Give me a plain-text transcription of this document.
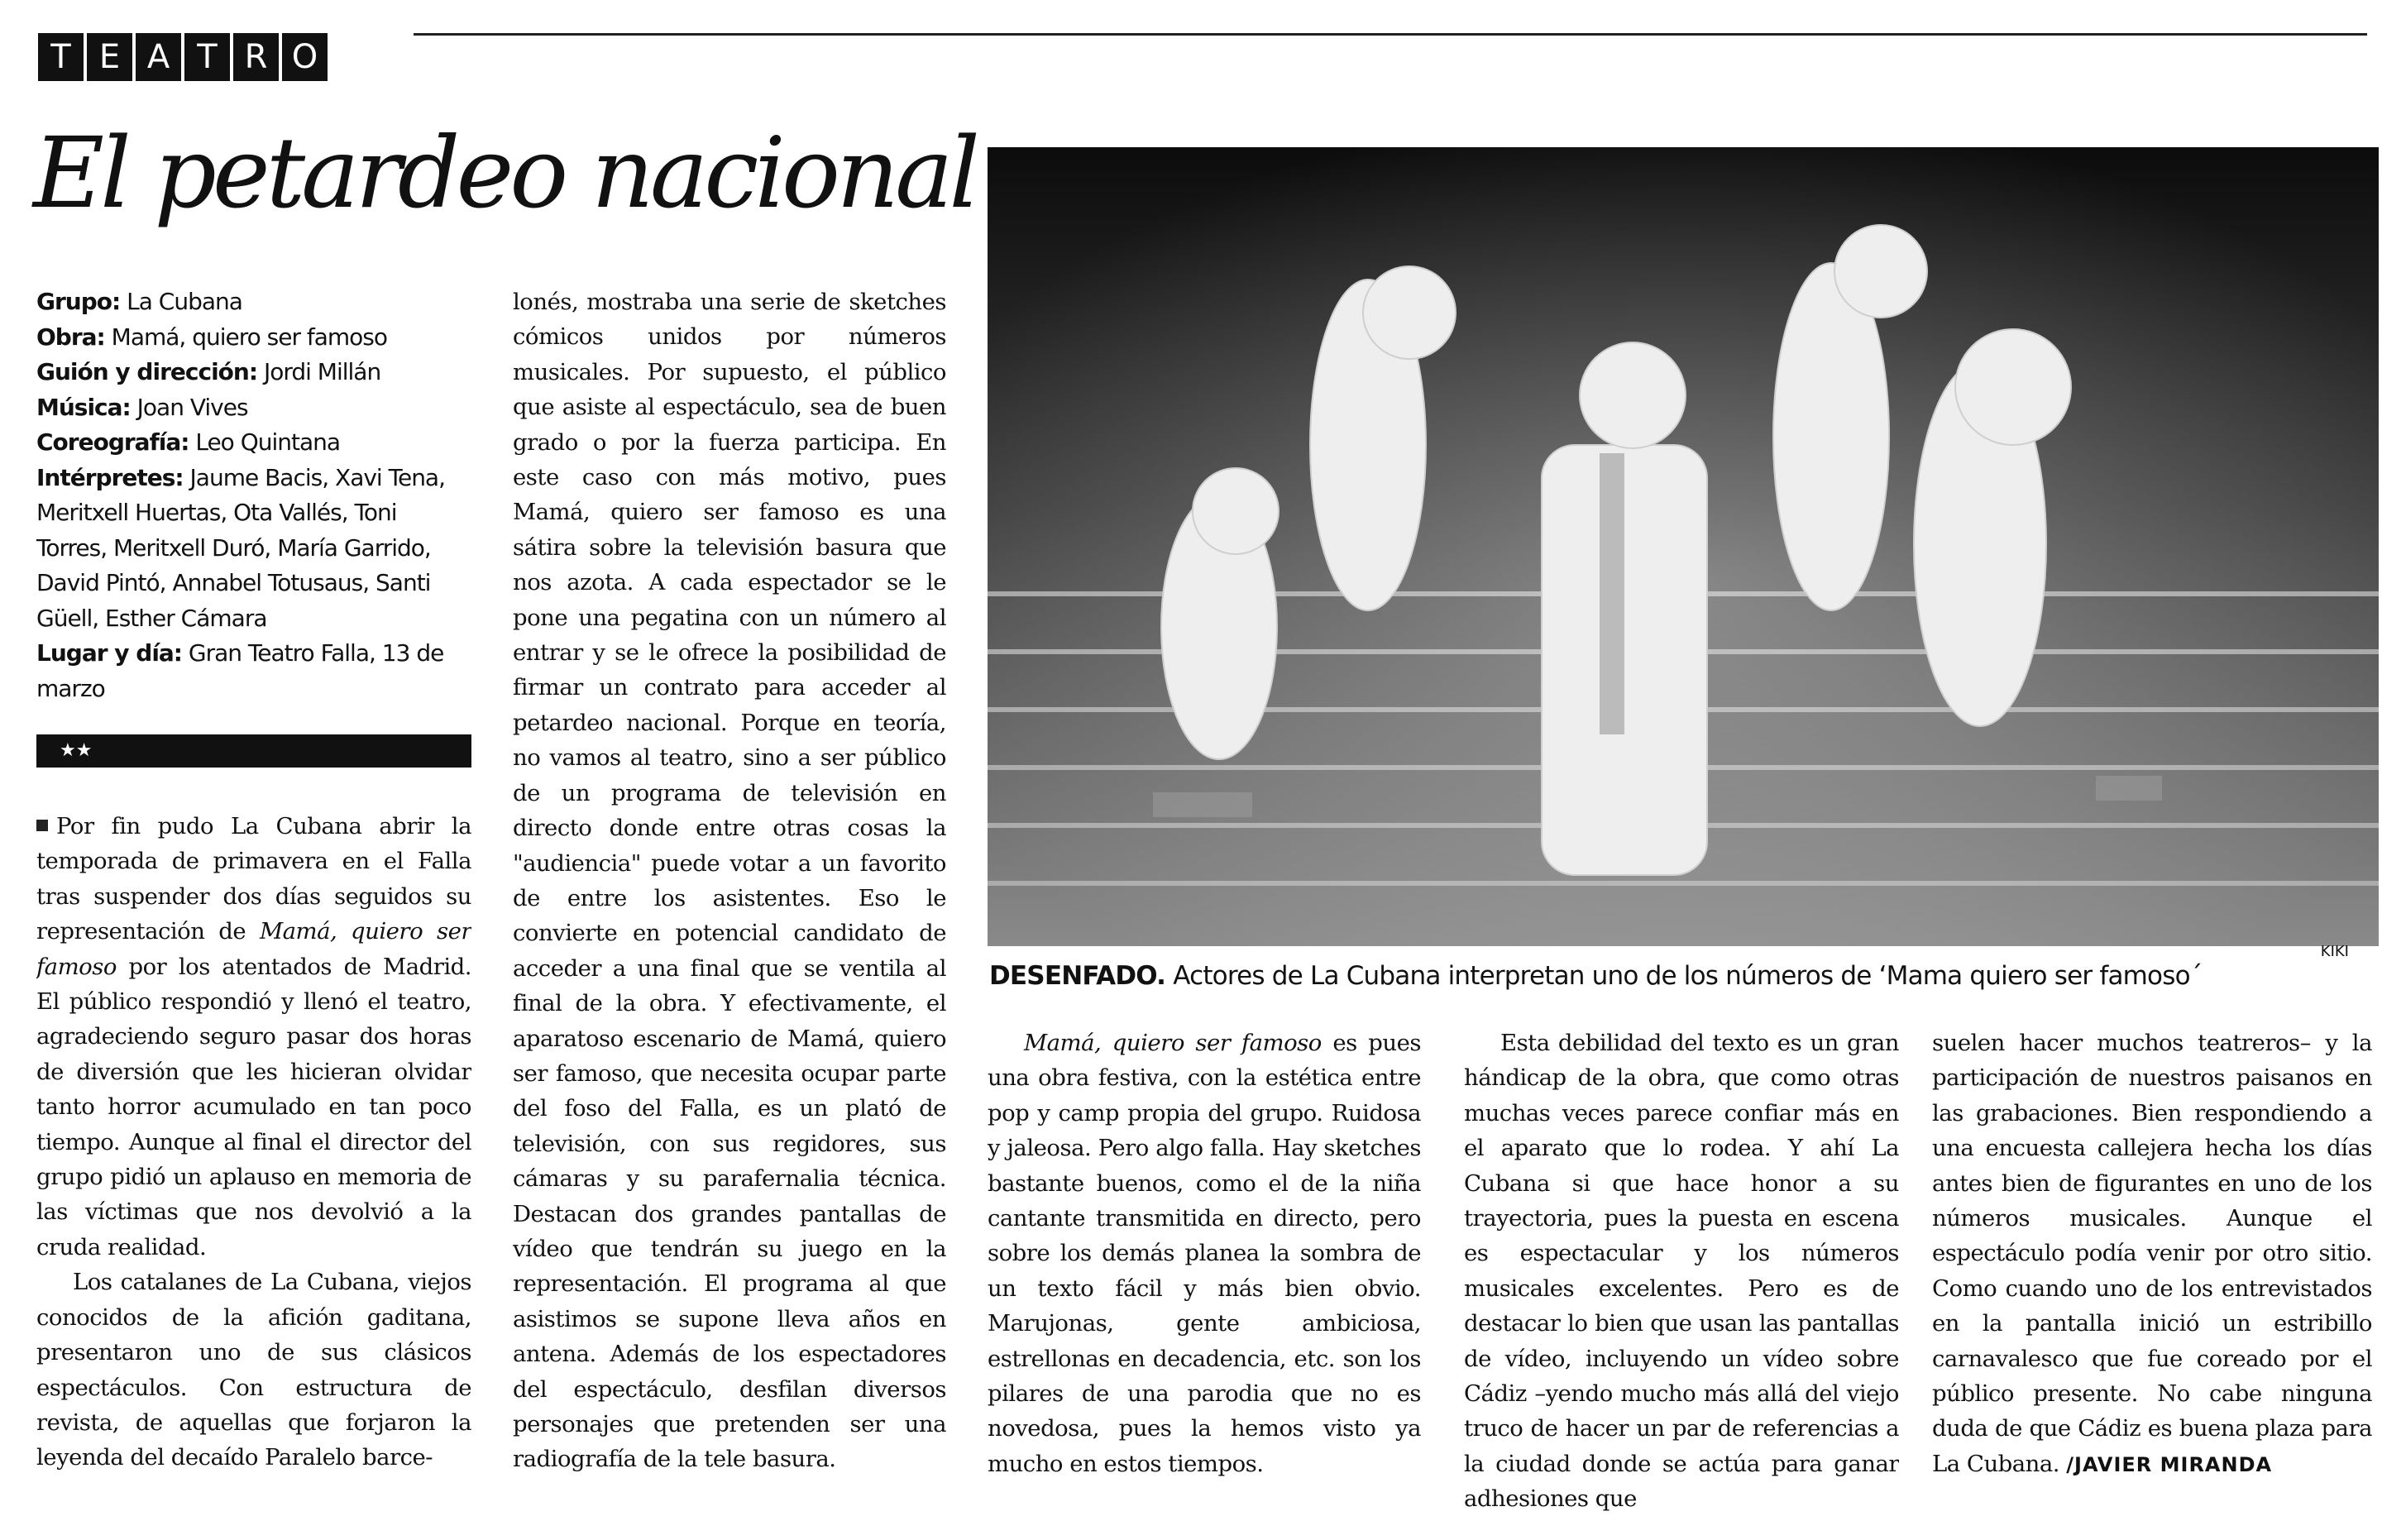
T E A T R O
El petardeo nacional
Grupo: La Cubana
Obra: Mamá, quiero ser famoso
Guión y dirección: Jordi Millán
Música: Joan Vives
Coreografía: Leo Quintana
Intérpretes: Jaume Bacis, Xavi Tena, Meritxell Huertas, Ota Vallés, Toni Torres, Meritxell Duró, María Garrido, David Pintó, Annabel Totusaus, Santi Güell, Esther Cámara
Lugar y día: Gran Teatro Falla, 13 de marzo
★★

Por fin pudo La Cubana abrir la temporada de primavera en el Falla tras suspender dos días seguidos su representación de Mamá, quiero ser famoso por los atentados de Madrid. El público respondió y llenó el teatro, agradeciendo seguro pasar dos horas de diversión que les hicieran olvidar tanto horror acumulado en tan poco tiempo. Aunque al final el director del grupo pidió un aplauso en memoria de las víctimas que nos devolvió a la cruda realidad.

Los catalanes de La Cubana, viejos conocidos de la afición gaditana, presentaron uno de sus clásicos espectáculos. Con estructura de revista, de aquellas que forjaron la leyenda del decaído Paralelo barce-

lonés, mostraba una serie de sketches cómicos unidos por números musicales. Por supuesto, el público que asiste al espectáculo, sea de buen grado o por la fuerza participa. En este caso con más motivo, pues Mamá, quiero ser famoso es una sátira sobre la televisión basura que nos azota. A cada espectador se le pone una pegatina con un número al entrar y se le ofrece la posibilidad de firmar un contrato para acceder al petardeo nacional. Porque en teoría, no vamos al teatro, sino a ser público de un programa de televisión en directo donde entre otras cosas la "audiencia" puede votar a un favorito de entre los asistentes. Eso le convierte en potencial candidato de acceder a una final que se ventila al final de la obra. Y efectivamente, el aparatoso escenario de Mamá, quiero ser famoso, que necesita ocupar parte del foso del Falla, es un plató de televisión, con sus regidores, sus cámaras y su parafernalia técnica. Destacan dos grandes pantallas de vídeo que tendrán su juego en la representación. El programa al que asistimos se supone lleva años en antena. Además de los espectadores del espectáculo, desfilan diversos personajes que pretenden ser una radiografía de la tele basura.

KIKI
DESENFADO. Actores de La Cubana interpretan uno de los números de ‘Mama quiero ser famoso´

Mamá, quiero ser famoso es pues una obra festiva, con la estética entre pop y camp propia del grupo. Ruidosa y jaleosa. Pero algo falla. Hay sketches bastante buenos, como el de la niña cantante transmitida en directo, pero sobre los demás planea la sombra de un texto fácil y más bien obvio. Marujonas, gente ambiciosa, estrellonas en decadencia, etc. son los pilares de una parodia que no es novedosa, pues la hemos visto ya mucho en estos tiempos.

Esta debilidad del texto es un gran hándicap de la obra, que como otras muchas veces parece confiar más en el aparato que lo rodea. Y ahí La Cubana si que hace honor a su trayectoria, pues la puesta en escena es espectacular y los números musicales excelentes. Pero es de destacar lo bien que usan las pantallas de vídeo, incluyendo un vídeo sobre Cádiz –yendo mucho más allá del viejo truco de hacer un par de referencias a la ciudad donde se actúa para ganar adhesiones que

suelen hacer muchos teatreros– y la participación de nuestros paisanos en las grabaciones. Bien respondiendo a una encuesta callejera hecha los días antes bien de figurantes en uno de los números musicales. Aunque el espectáculo podía venir por otro sitio. Como cuando uno de los entrevistados en la pantalla inició un estribillo carnavalesco que fue coreado por el público presente. No cabe ninguna duda de que Cádiz es buena plaza para La Cubana. /JAVIER MIRANDA
